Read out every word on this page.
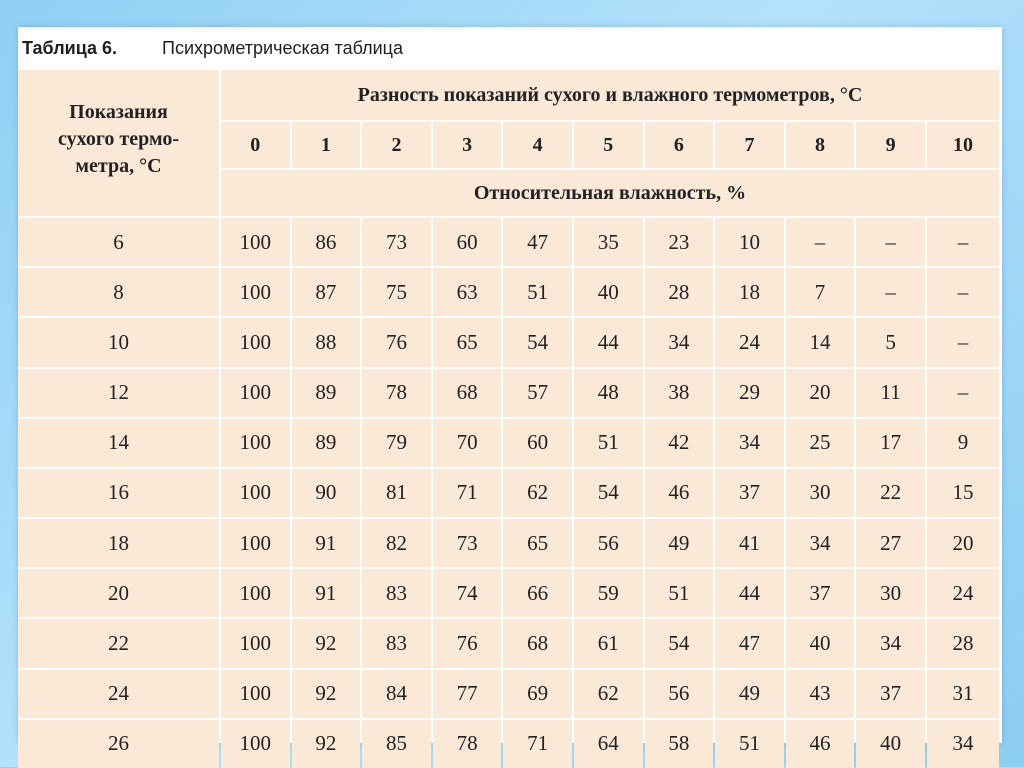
Таблица 6.	Психрометрическая таблица
Показания
сухого термо-
метра, °С
Разность показаний сухого и влажного термометров, °С
0	1	2	3	4	5	6	7	8	9	10
Относительная влажность, %
6	100	86	73	60	47	35	23	10	–	–	–
8	100	87	75	63	51	40	28	18	7	–	–
10	100	88	76	65	54	44	34	24	14	5	–
12	100	89	78	68	57	48	38	29	20	11	–
14	100	89	79	70	60	51	42	34	25	17	9
16	100	90	81	71	62	54	46	37	30	22	15
18	100	91	82	73	65	56	49	41	34	27	20
20	100	91	83	74	66	59	51	44	37	30	24
22	100	92	83	76	68	61	54	47	40	34	28
24	100	92	84	77	69	62	56	49	43	37	31
26	100	92	85	78	71	64	58	51	46	40	34
